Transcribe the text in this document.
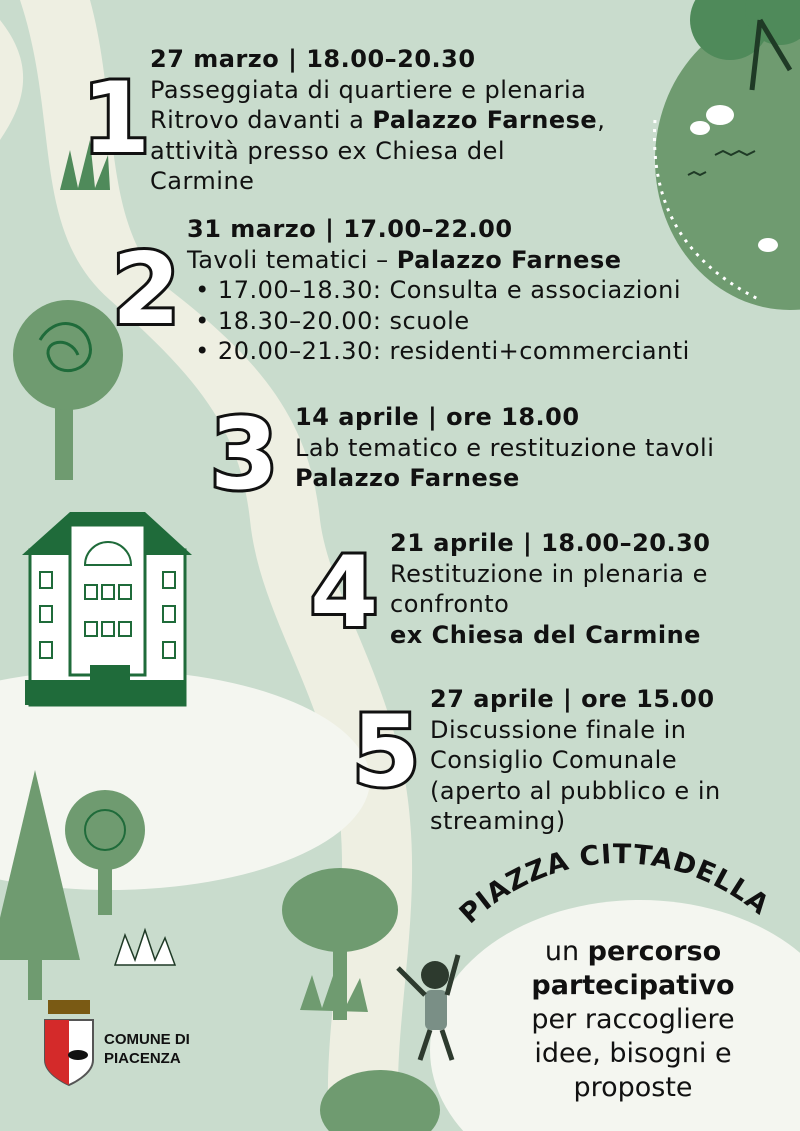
1
27 marzo | 18.00–20.30
Passeggiata di quartiere e plenaria
Ritrovo davanti a Palazzo Farnese,
attività presso ex Chiesa del
Carmine
2
31 marzo | 17.00–22.00
Tavoli tematici – Palazzo Farnese
• 17.00–18.30: Consulta e associazioni
• 18.30–20.00: scuole
• 20.00–21.30: residenti+commercianti
3 14 aprile | ore 18.00
Lab tematico e restituzione tavoli
Palazzo Farnese
4 21 aprile | 18.00–20.30
Restituzione in plenaria e
confronto
ex Chiesa del Carmine
5 27 aprile | ore 15.00
Discussione finale in
Consiglio Comunale
(aperto al pubblico e in
streaming)
PIAZZA CITTADELLA
un percorso
partecipativo
per raccogliere
idee, bisogni e
proposte
COMUNE DI
PIACENZA
